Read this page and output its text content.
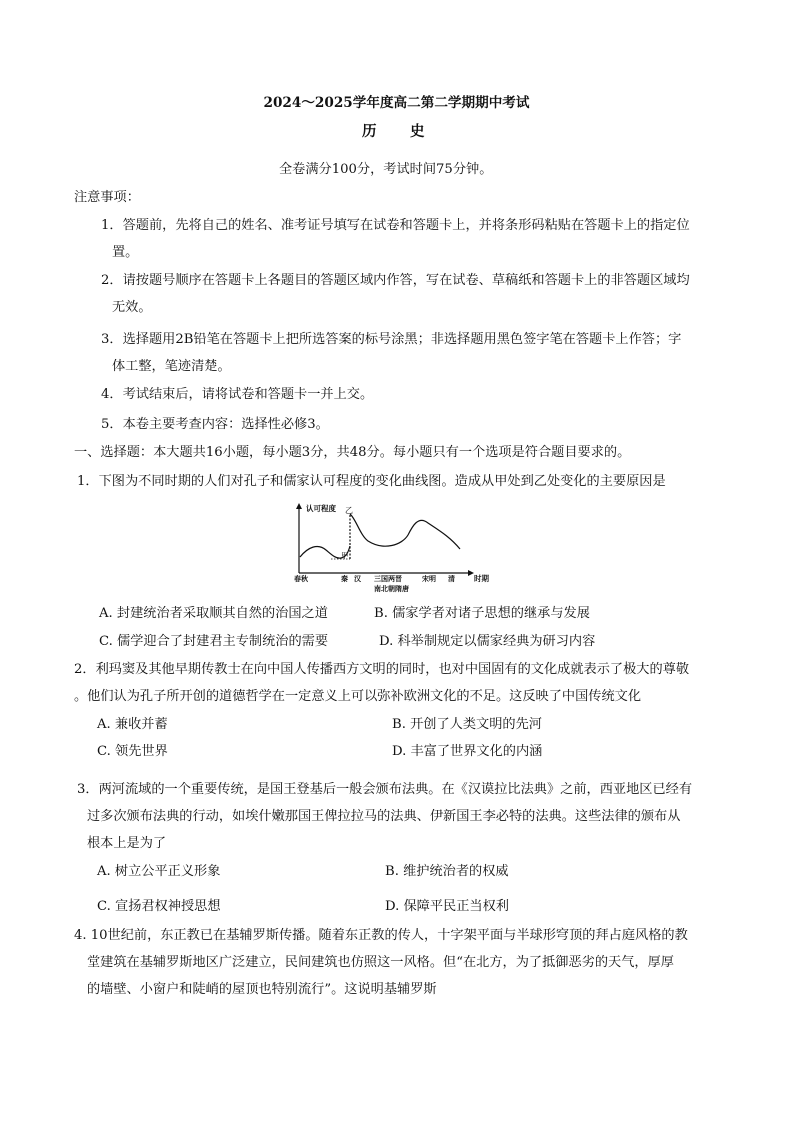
2024～2025学年度高二第二学期期中考试
历 史
全卷满分100分，考试时间75分钟。
注意事项：
1．答题前，先将自己的姓名、准考证号填写在试卷和答题卡上，并将条形码粘贴在答题卡上的指定位
置。
2．请按题号顺序在答题卡上各题目的答题区域内作答，写在试卷、草稿纸和答题卡上的非答题区域均
无效。
3．选择题用2B铅笔在答题卡上把所选答案的标号涂黑；非选择题用黑色签字笔在答题卡上作答；字
体工整，笔迹清楚。
4．考试结束后，请将试卷和答题卡一并上交。
5．本卷主要考查内容：选择性必修3。
一、选择题：本大题共16小题，每小题3分，共48分。每小题只有一个选项是符合题目要求的。
1．下图为不同时期的人们对孔子和儒家认可程度的变化曲线图。造成从甲处到乙处变化的主要原因是
认可程度
时期
甲
乙
春秋	秦 汉 三国两晋
南北朝隋唐
宋明 清
A. 封建统治者采取顺其自然的治国之道	B. 儒家学者对诸子思想的继承与发展
C. 儒学迎合了封建君主专制统治的需要	D. 科举制规定以儒家经典为研习内容
2．利玛窦及其他早期传教士在向中国人传播西方文明的同时，也对中国固有的文化成就表示了极大的尊敬
。他们认为孔子所开创的道德哲学在一定意义上可以弥补欧洲文化的不足。这反映了中国传统文化
A. 兼收并蓄	B. 开创了人类文明的先河
C. 领先世界	D. 丰富了世界文化的内涵
3．两河流域的一个重要传统，是国王登基后一般会颁布法典。在《汉谟拉比法典》之前，西亚地区已经有
过多次颁布法典的行动，如埃什嫩那国王俾拉拉马的法典、伊新国王李必特的法典。这些法律的颁布从
根本上是为了
A. 树立公平正义形象	B. 维护统治者的权威
C. 宣扬君权神授思想	D. 保障平民正当权利
4. 10世纪前，东正教已在基辅罗斯传播。随着东正教的传人，十字架平面与半球形穹顶的拜占庭风格的教
堂建筑在基辅罗斯地区广泛建立，民间建筑也仿照这一风格。但“在北方，为了抵御恶劣的天气，厚厚
的墙壁、小窗户和陡峭的屋顶也特别流行”。这说明基辅罗斯
